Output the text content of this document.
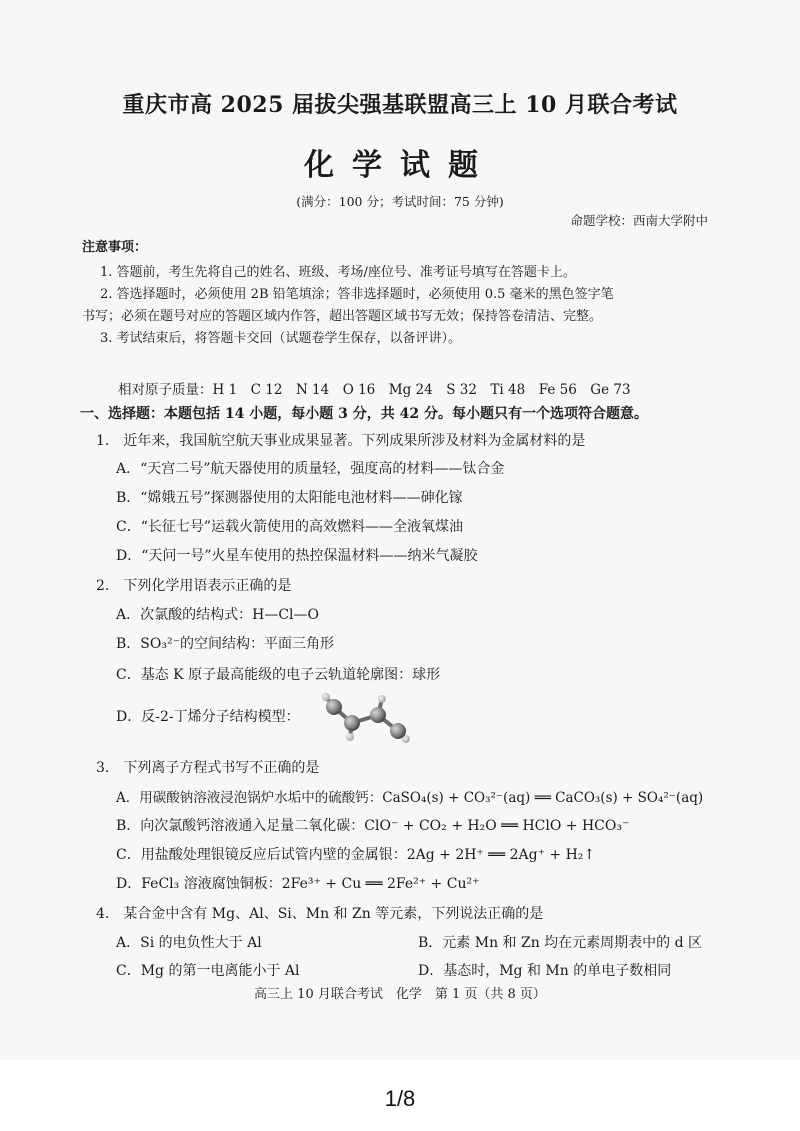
重庆市高 2025 届拔尖强基联盟高三上 10 月联合考试
化学试题
(满分：100 分；考试时间：75 分钟)
命题学校：西南大学附中
注意事项：
1. 答题前，考生先将自己的姓名、班级、考场/座位号、准考证号填写在答题卡上。
2. 答选择题时，必须使用 2B 铅笔填涂；答非选择题时，必须使用 0.5 毫米的黑色签字笔
书写；必须在题号对应的答题区域内作答，超出答题区域书写无效；保持答卷清洁、完整。
3. 考试结束后，将答题卡交回（试题卷学生保存，以备评讲）。
相对原子质量：H 1　C 12　N 14　O 16　Mg 24　S 32　Ti 48　Fe 56　Ge 73
一、选择题：本题包括 14 小题，每小题 3 分，共 42 分。每小题只有一个选项符合题意。
1.　近年来，我国航空航天事业成果显著。下列成果所涉及材料为金属材料的是
A．“天宫二号”航天器使用的质量轻，强度高的材料——钛合金
B．“嫦娥五号”探测器使用的太阳能电池材料——砷化镓
C．“长征七号”运载火箭使用的高效燃料——全液氧煤油
D．“天问一号”火星车使用的热控保温材料——纳米气凝胶
2.　下列化学用语表示正确的是
A．次氯酸的结构式：H—Cl—O
B．SO₃²⁻的空间结构：平面三角形
C．基态 K 原子最高能级的电子云轨道轮廓图：球形
D．反-2-丁烯分子结构模型：
3.　下列离子方程式书写不正确的是
A．用碳酸钠溶液浸泡锅炉水垢中的硫酸钙：CaSO₄(s) + CO₃²⁻(aq) ══ CaCO₃(s) + SO₄²⁻(aq)
B．向次氯酸钙溶液通入足量二氧化碳：ClO⁻ + CO₂ + H₂O ══ HClO + HCO₃⁻
C．用盐酸处理银镜反应后试管内壁的金属银：2Ag + 2H⁺ ══ 2Ag⁺ + H₂↑
D．FeCl₃ 溶液腐蚀铜板：2Fe³⁺ + Cu ══ 2Fe²⁺ + Cu²⁺
4.　某合金中含有 Mg、Al、Si、Mn 和 Zn 等元素，下列说法正确的是
A．Si 的电负性大于 Al	B．元素 Mn 和 Zn 均在元素周期表中的 d 区
C．Mg 的第一电离能小于 Al	D．基态时，Mg 和 Mn 的单电子数相同
高三上 10 月联合考试　化学　第 1 页（共 8 页）
1/8
